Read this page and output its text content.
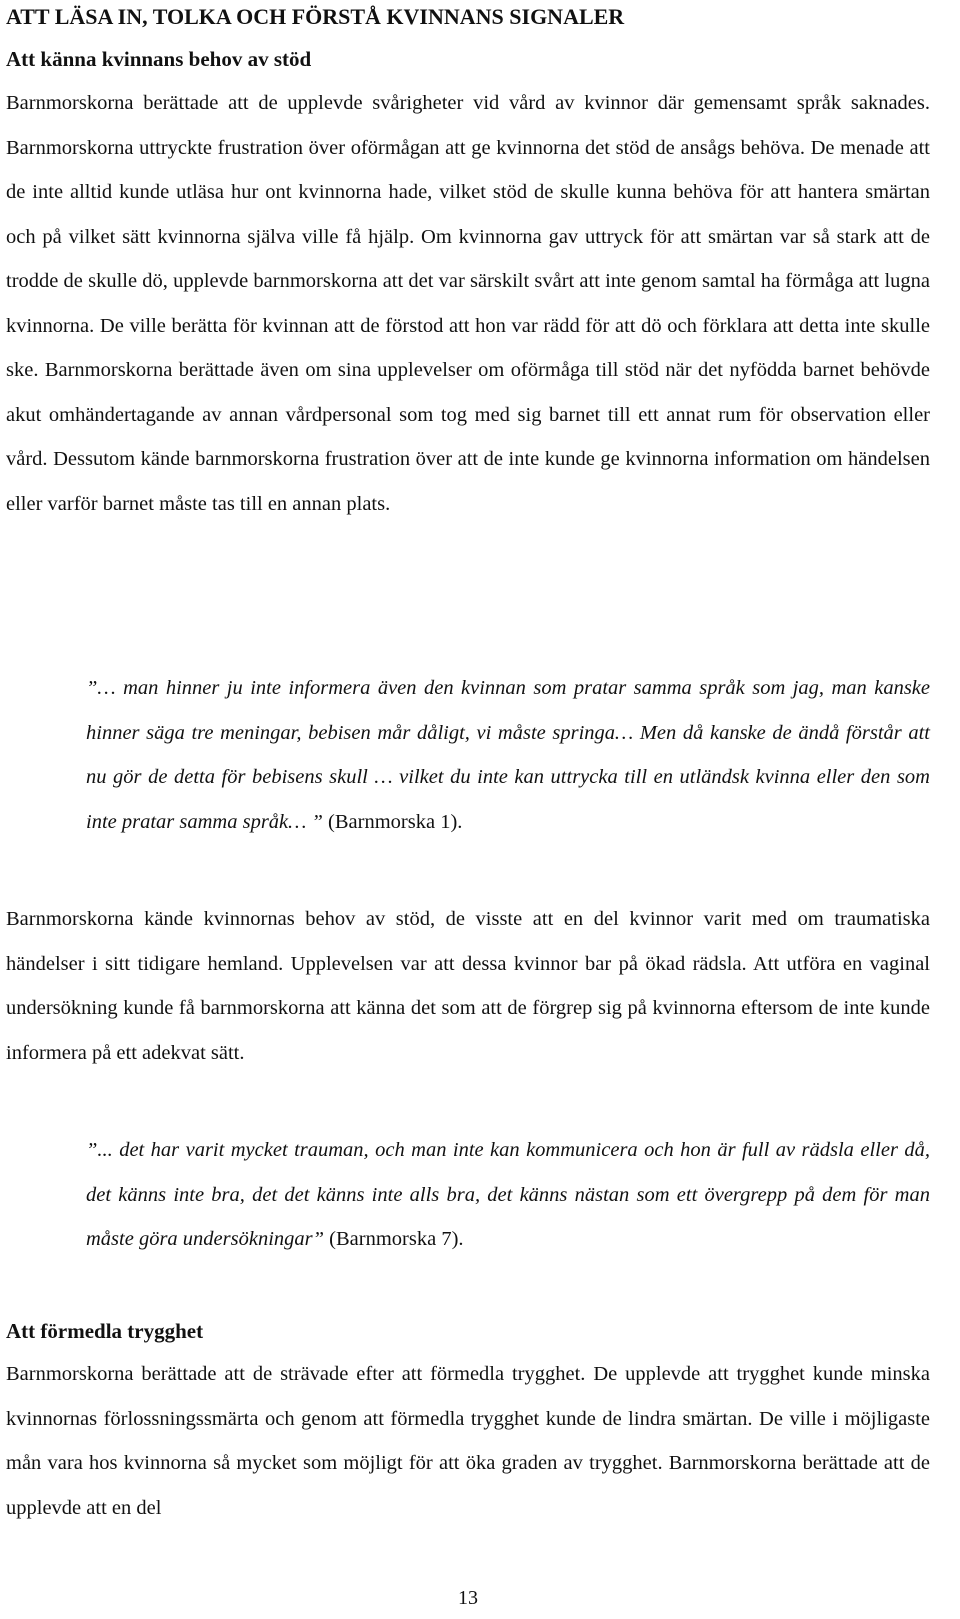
ATT LÄSA IN, TOLKA OCH FÖRSTÅ KVINNANS SIGNALER
Att känna kvinnans behov av stöd
Barnmorskorna berättade att de upplevde svårigheter vid vård av kvinnor där gemensamt språk saknades. Barnmorskorna uttryckte frustration över oförmågan att ge kvinnorna det stöd de ansågs behöva. De menade att de inte alltid kunde utläsa hur ont kvinnorna hade, vilket stöd de skulle kunna behöva för att hantera smärtan och på vilket sätt kvinnorna själva ville få hjälp. Om kvinnorna gav uttryck för att smärtan var så stark att de trodde de skulle dö, upplevde barnmorskorna att det var särskilt svårt att inte genom samtal ha förmåga att lugna kvinnorna. De ville berätta för kvinnan att de förstod att hon var rädd för att dö och förklara att detta inte skulle ske. Barnmorskorna berättade även om sina upplevelser om oförmåga till stöd när det nyfödda barnet behövde akut omhändertagande av annan vårdpersonal som tog med sig barnet till ett annat rum för observation eller vård. Dessutom kände barnmorskorna frustration över att de inte kunde ge kvinnorna information om händelsen eller varför barnet måste tas till en annan plats.
”… man hinner ju inte informera även den kvinnan som pratar samma språk som jag, man kanske hinner säga tre meningar, bebisen mår dåligt, vi måste springa… Men då kanske de ändå förstår att nu gör de detta för bebisens skull … vilket du inte kan uttrycka till en utländsk kvinna eller den som inte pratar samma språk… ” (Barnmorska 1).
Barnmorskorna kände kvinnornas behov av stöd, de visste att en del kvinnor varit med om traumatiska händelser i sitt tidigare hemland. Upplevelsen var att dessa kvinnor bar på ökad rädsla. Att utföra en vaginal undersökning kunde få barnmorskorna att känna det som att de förgrep sig på kvinnorna eftersom de inte kunde informera på ett adekvat sätt.
”... det har varit mycket trauman, och man inte kan kommunicera och hon är full av rädsla eller då, det känns inte bra, det det känns inte alls bra, det känns nästan som ett övergrepp på dem för man måste göra undersökningar” (Barnmorska 7).
Att förmedla trygghet
Barnmorskorna berättade att de strävade efter att förmedla trygghet. De upplevde att trygghet kunde minska kvinnornas förlossningssmärta och genom att förmedla trygghet kunde de lindra smärtan. De ville i möjligaste mån vara hos kvinnorna så mycket som möjligt för att öka graden av trygghet. Barnmorskorna berättade att de upplevde att en del
13
